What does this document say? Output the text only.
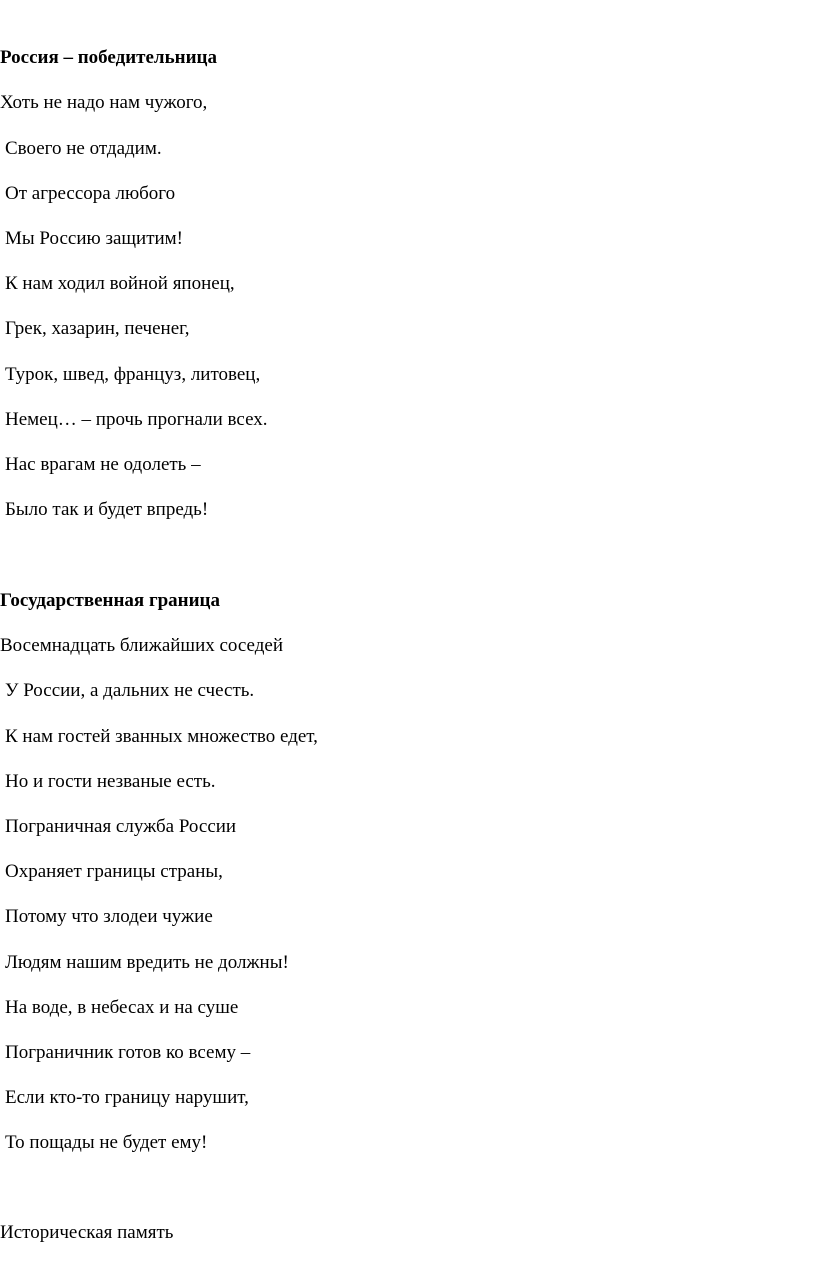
Россия – победительница
Хоть не надо нам чужого,
Своего не отдадим.
От агрессора любого
Мы Россию защитим!
К нам ходил войной японец,
Грек, хазарин, печенег,
Турок, швед, француз, литовец,
Немец… – прочь прогнали всех.
Нас врагам не одолеть –
Было так и будет впредь!
Государственная граница
Восемнадцать ближайших соседей
У России, а дальних не счесть.
К нам гостей званных множество едет,
Но и гости незваные есть.
Пограничная служба России
Охраняет границы страны,
Потому что злодеи чужие
Людям нашим вредить не должны!
На воде, в небесах и на суше
Пограничник готов ко всему –
Если кто-то границу нарушит,
То пощады не будет ему!
Историческая память
